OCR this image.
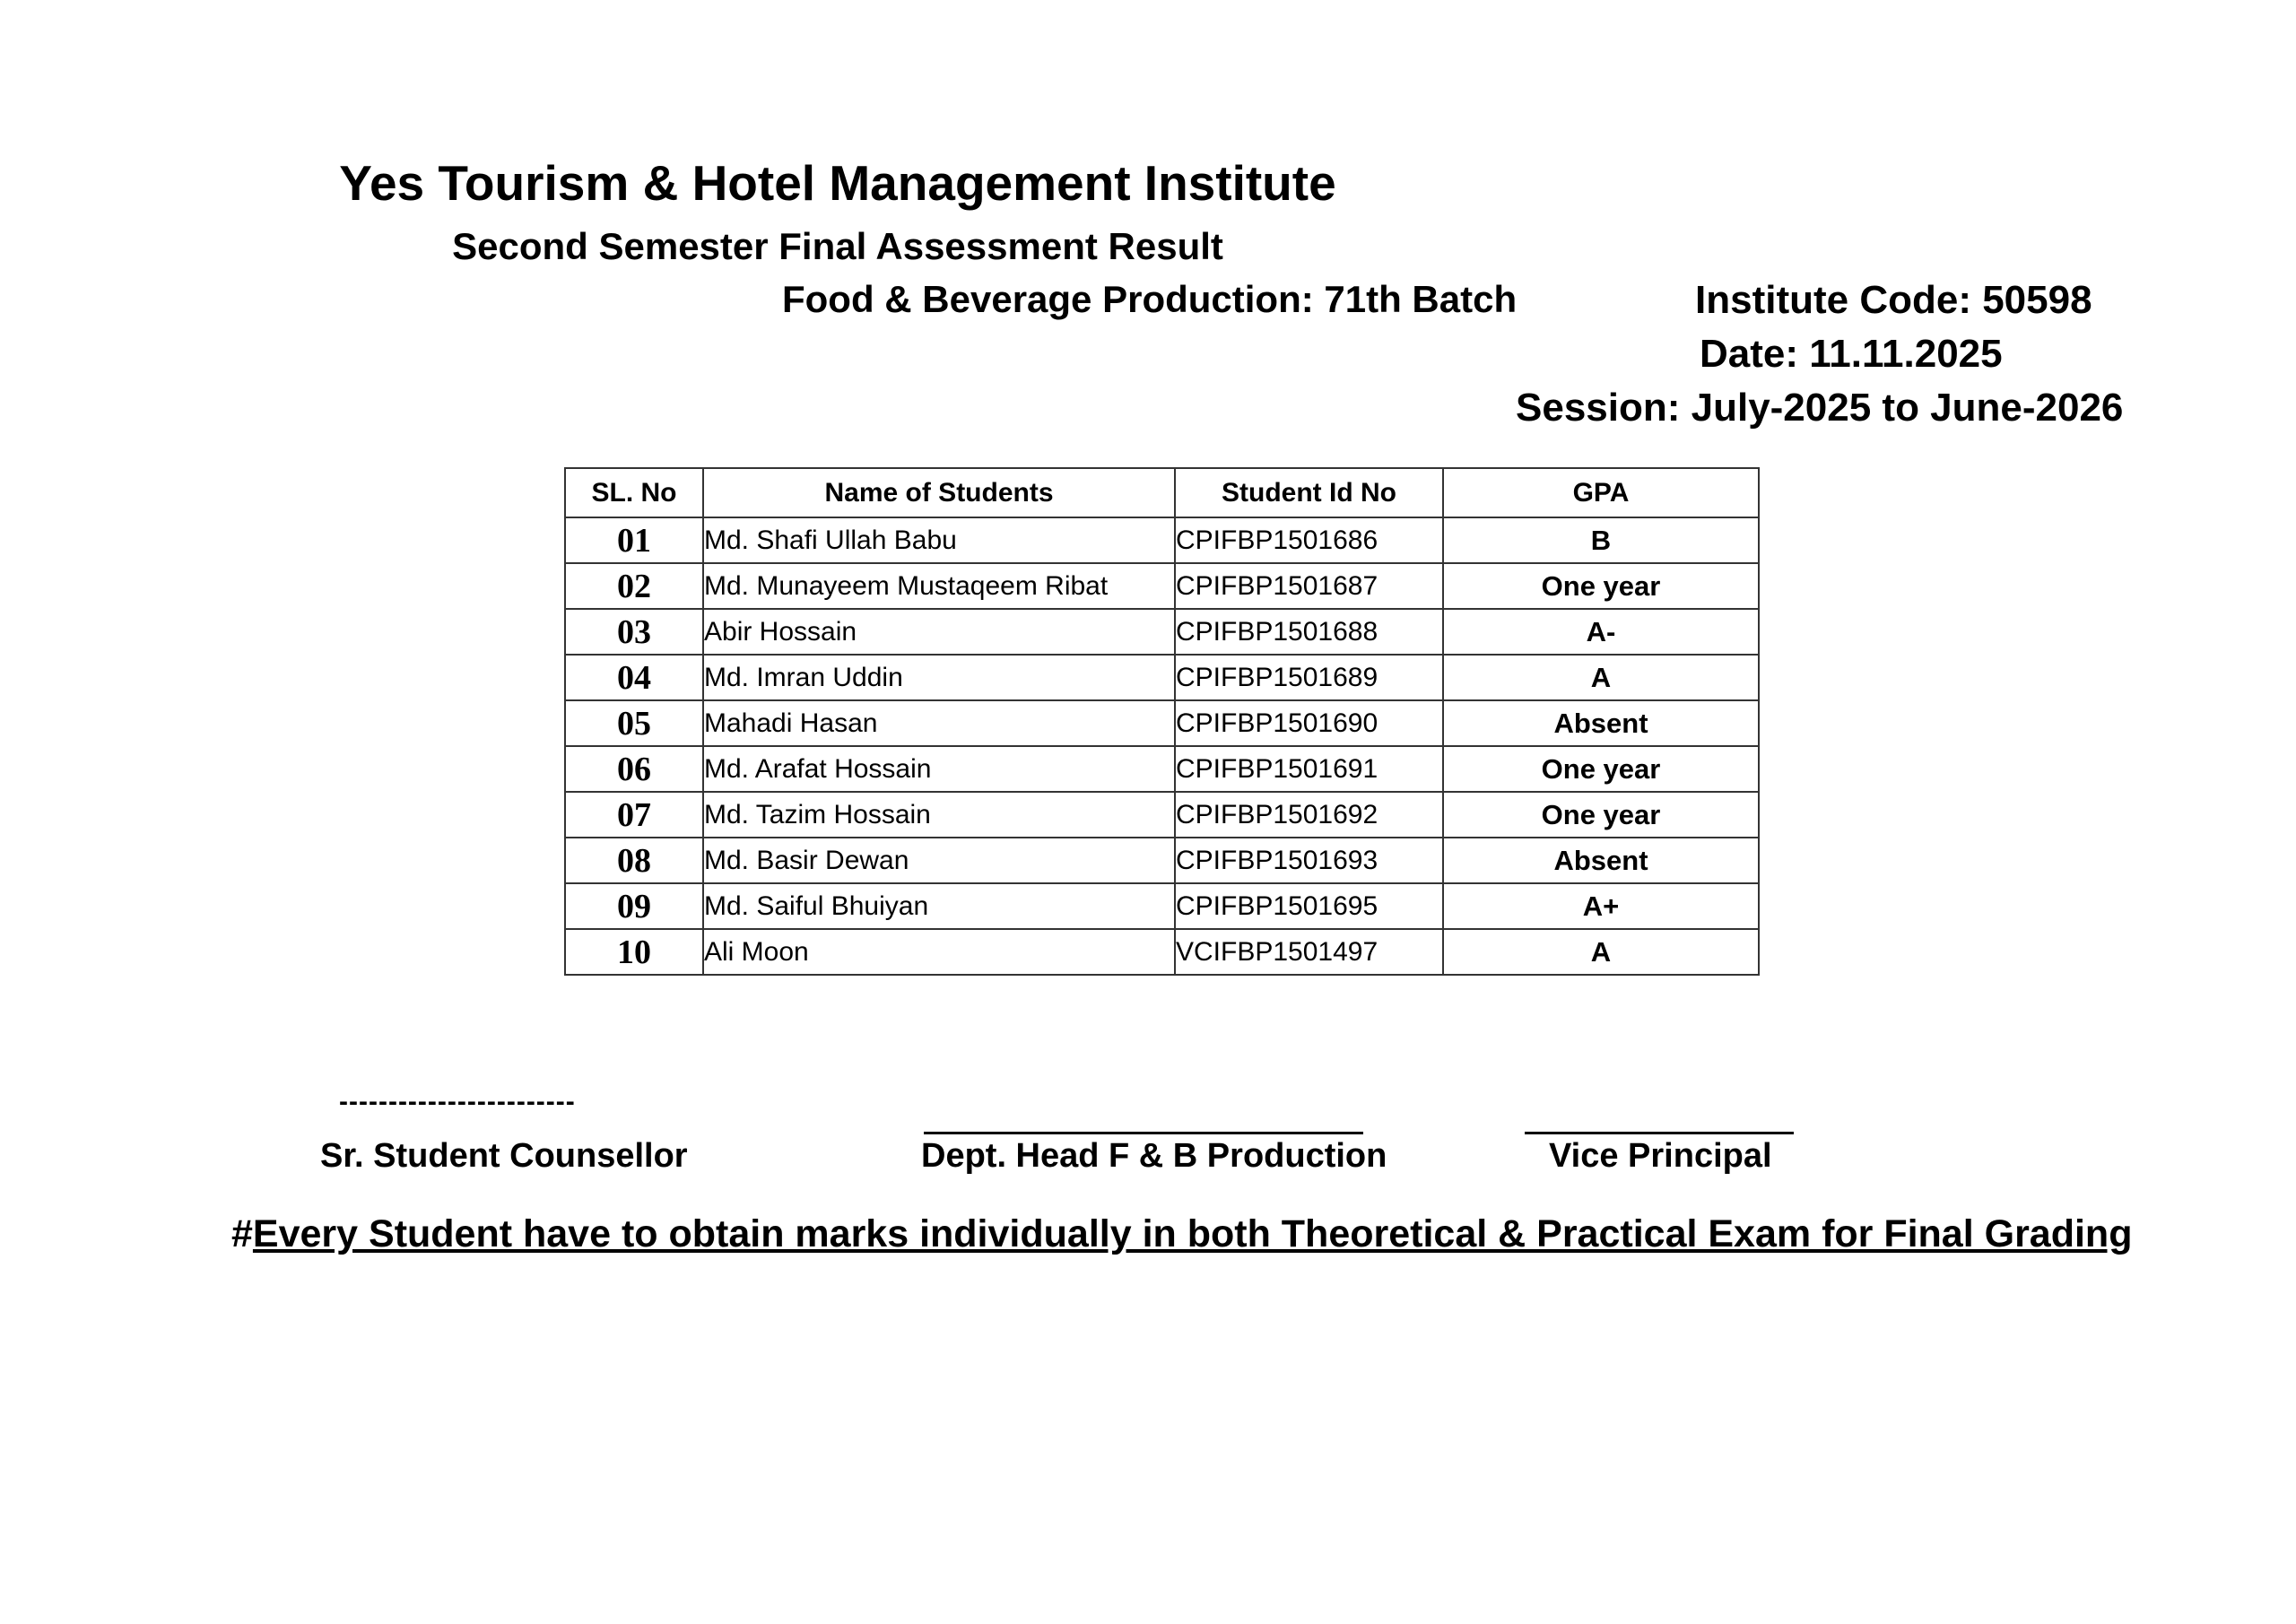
Yes Tourism & Hotel Management Institute
Second Semester Final Assessment Result
Food & Beverage Production: 71th Batch	Institute Code: 50598
Date: 11.11.2025
Session: July-2025 to June-2026
SL. No	Name of Students	Student Id No	GPA
01	Md. Shafi Ullah Babu	CPIFBP1501686	B
02	Md. Munayeem Mustaqeem Ribat	CPIFBP1501687	One year
03	Abir Hossain	CPIFBP1501688	A-
04	Md. Imran Uddin	CPIFBP1501689	A
05	Mahadi Hasan	CPIFBP1501690	Absent
06	Md. Arafat Hossain	CPIFBP1501691	One year
07	Md. Tazim Hossain	CPIFBP1501692	One year
08	Md. Basir Dewan	CPIFBP1501693	Absent
09	Md. Saiful Bhuiyan	CPIFBP1501695	A+
10	Ali Moon	VCIFBP1501497	A
------------------------
Sr. Student Counsellor	Dept. Head F & B Production	Vice Principal
#Every Student have to obtain marks individually in both Theoretical & Practical Exam for Final Grading
